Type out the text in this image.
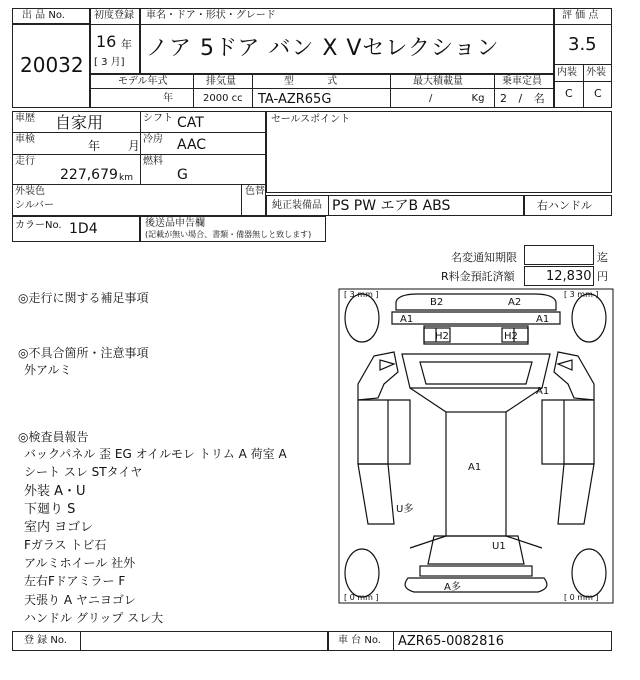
出 品 No.
20032
初度登録
16 年
[ 3 月]
車名・ドア・形状・グレード
ノア 5ドア バン X Vセレクション
評 価 点
3.5
内装 外装
C C
モデル年式
年
排気量
2000 cc
型 式
TA-AZR65G
最大積載量
/ Kg
乗車定員
2 / 名
車歴 自家用	シフト CAT
車検	年 月 冷房 AAC
走行
227,679 km
燃料
G
外装色
シルバー
色替
セールスポイント
純正装備品 PS PW エアB ABS	右ハンドル
カラーNo. 1D4	後送品申告欄
(記載が無い場合、書類・備器無しと致します)
名変通知期限	迄
R料金預託済額 12,830 円
◎走行に関する補足事項
◎不具合箇所・注意事項
外アルミ
◎検査員報告
バックパネル 歪 EG オイルモレ トリム A 荷室 A
シート スレ STタイヤ
外装 A・U
下廻り S
室内 ヨゴレ
Fガラス トビ石
アルミホイール 社外
左右Fドアミラー F
天張り A ヤニヨゴレ
ハンドル グリップ スレ大
[ 3 mm ]	[ 3 mm ]
[ 0 mm ]	[ 0 mm ]
B2	A2
A1	A1
H2	H2
A1
A1
U多
U1
A多
登 録 No.	車 台 No. AZR65-0082816
